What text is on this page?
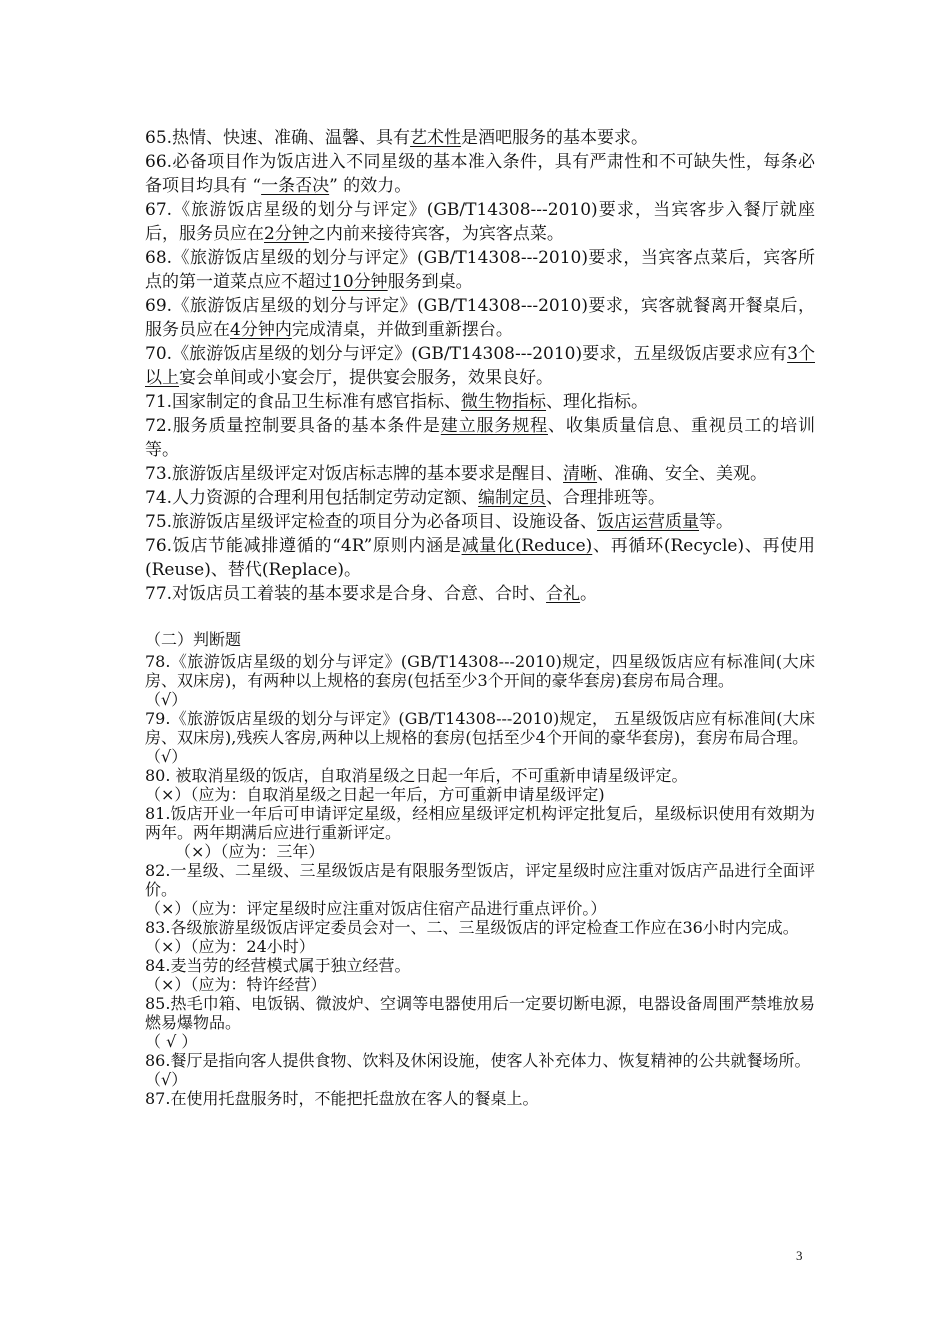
65.热情、快速、准确、温馨、具有艺术性是酒吧服务的基本要求。

66.必备项目作为饭店进入不同星级的基本准入条件，具有严肃性和不可缺失性，每条必备项目均具有 “一条否决” 的效力。

67.《旅游饭店星级的划分与评定》(GB/T14308---2010)要求，当宾客步入餐厅就座后，服务员应在2分钟之内前来接待宾客，为宾客点菜。

68.《旅游饭店星级的划分与评定》(GB/T14308---2010)要求，当宾客点菜后，宾客所点的第一道菜点应不超过10分钟服务到桌。

69.《旅游饭店星级的划分与评定》(GB/T14308---2010)要求，宾客就餐离开餐桌后，服务员应在4分钟内完成清桌，并做到重新摆台。

70.《旅游饭店星级的划分与评定》(GB/T14308---2010)要求，五星级饭店要求应有3个以上宴会单间或小宴会厅，提供宴会服务，效果良好。

71.国家制定的食品卫生标准有感官指标、微生物指标、理化指标。

72.服务质量控制要具备的基本条件是建立服务规程、收集质量信息、重视员工的培训等。

73.旅游饭店星级评定对饭店标志牌的基本要求是醒目、清晰、准确、安全、美观。

74.人力资源的合理利用包括制定劳动定额、编制定员、合理排班等。

75.旅游饭店星级评定检查的项目分为必备项目、设施设备、饭店运营质量等。

76.饭店节能减排遵循的“4R”原则内涵是减量化(Reduce)、再循环(Recycle)、再使用(Reuse)、替代(Replace)。

77.对饭店员工着装的基本要求是合身、合意、合时、合礼。

（二）判断题

78.《旅游饭店星级的划分与评定》(GB/T14308---2010)规定，四星级饭店应有标准间(大床房、双床房)，有两种以上规格的套房(包括至少3个开间的豪华套房)套房布局合理。

（√）

79.《旅游饭店星级的划分与评定》(GB/T14308---2010)规定， 五星级饭店应有标准间(大床房、双床房),残疾人客房,两种以上规格的套房(包括至少4个开间的豪华套房)，套房布局合理。

（√）

80. 被取消星级的饭店，自取消星级之日起一年后，不可重新申请星级评定。

（×）（应为：自取消星级之日起一年后，方可重新申请星级评定)

81.饭店开业一年后可申请评定星级，经相应星级评定机构评定批复后，星级标识使用有效期为两年。两年期满后应进行重新评定。

（×）（应为：三年）

82.一星级、二星级、三星级饭店是有限服务型饭店，评定星级时应注重对饭店产品进行全面评价。

（×）（应为：评定星级时应注重对饭店住宿产品进行重点评价。）

83.各级旅游星级饭店评定委员会对一、二、三星级饭店的评定检查工作应在36小时内完成。

（×）（应为：24小时）

84.麦当劳的经营模式属于独立经营。

（×）（应为：特许经营）

85.热毛巾箱、电饭锅、微波炉、空调等电器使用后一定要切断电源，电器设备周围严禁堆放易燃易爆物品。

（ √ ）

86.餐厅是指向客人提供食物、饮料及休闲设施，使客人补充体力、恢复精神的公共就餐场所。

（√）

87.在使用托盘服务时，不能把托盘放在客人的餐桌上。

3
